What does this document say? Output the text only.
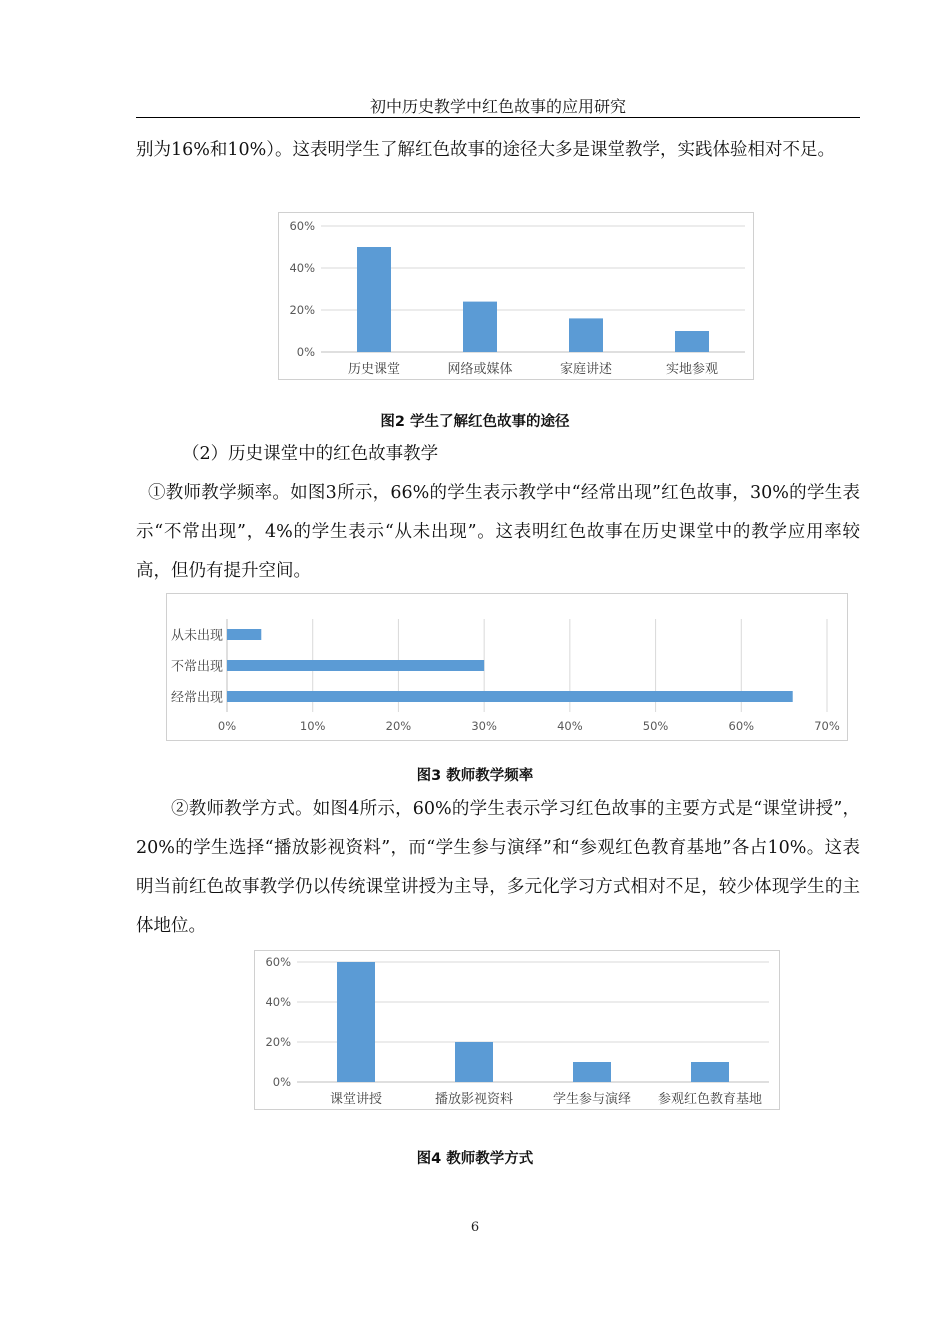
初中历史教学中红色故事的应用研究

别为16%和10%）。这表明学生了解红色故事的途径大多是课堂教学，实践体验相对不足。

0%
20%
40%
60%
历史课堂	网络或媒体	家庭讲述	实地参观
图2 学生了解红色故事的途径

（2）历史课堂中的红色故事教学

①教师教学频率。如图3所示，66%的学生表示教学中“经常出现”红色故事，30%的学生表示“不常出现”，4%的学生表示“从未出现”。这表明红色故事在历史课堂中的教学应用率较高，但仍有提升空间。

0%	10%	20%	30%	40%	50%	60%	70%
经常出现
不常出现
从未出现
图3 教师教学频率

②教师教学方式。如图4所示，60%的学生表示学习红色故事的主要方式是“课堂讲授”，20%的学生选择“播放影视资料”，而“学生参与演绎”和“参观红色教育基地”各占10%。这表明当前红色故事教学仍以传统课堂讲授为主导，多元化学习方式相对不足，较少体现学生的主体地位。

0%
20%
40%
60%
课堂讲授	播放影视资料	学生参与演绎 参观红色教育基地
图4 教师教学方式
6
